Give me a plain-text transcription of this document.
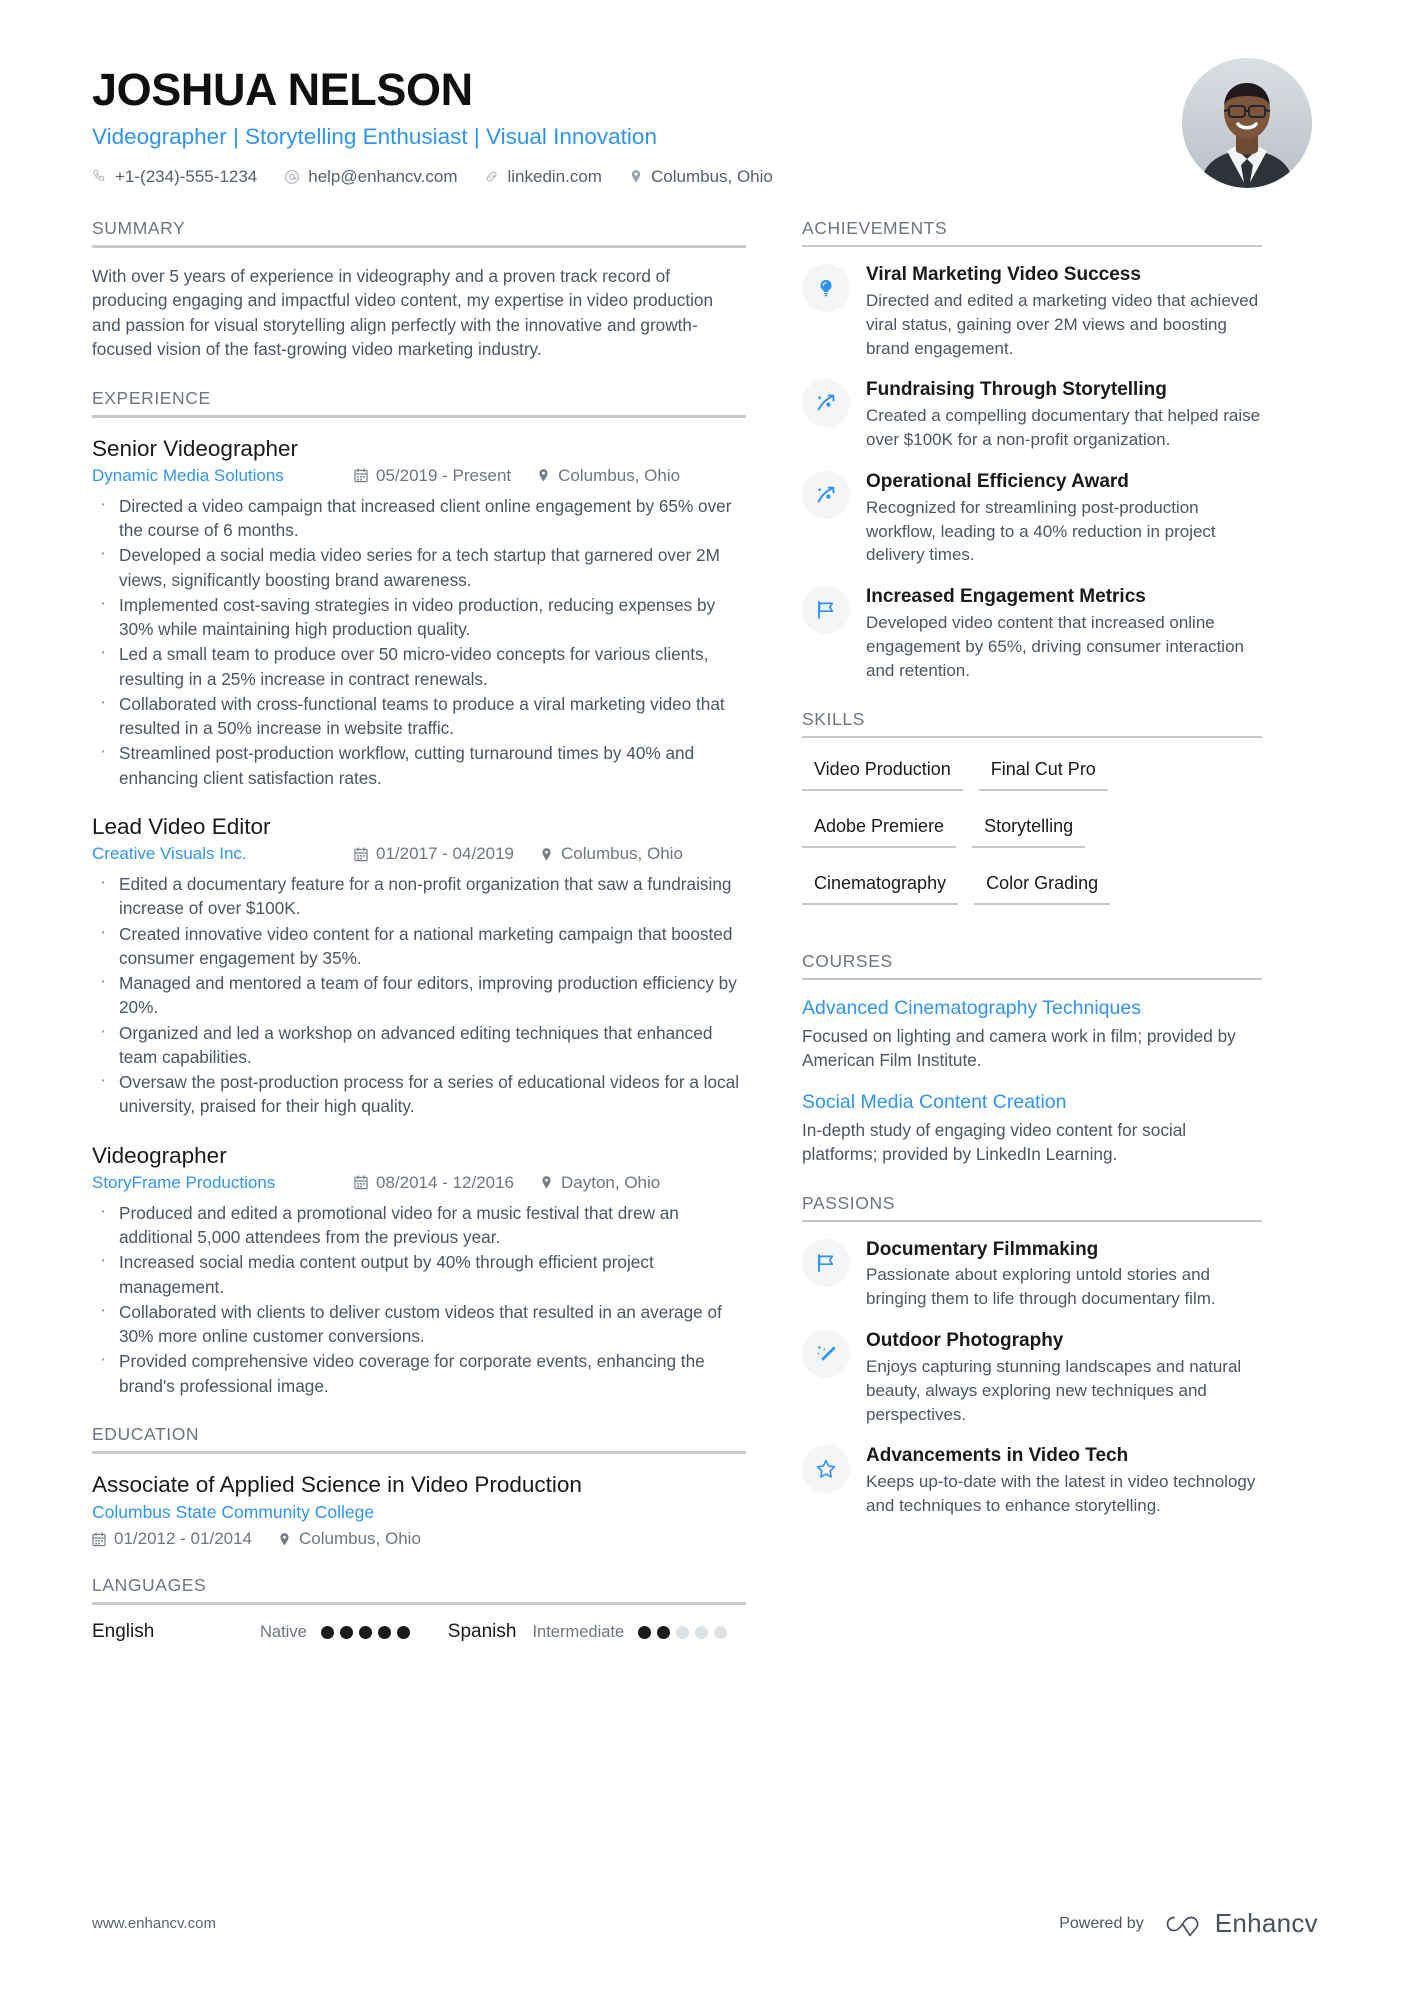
JOSHUA NELSON
Videographer | Storytelling Enthusiast | Visual Innovation
+1-(234)-555-1234	help@enhancv.com	linkedin.com	Columbus, Ohio
SUMMARY
With over 5 years of experience in videography and a proven track record of producing engaging and impactful video content, my expertise in video production and passion for visual storytelling align perfectly with the innovative and growth-focused vision of the fast-growing video marketing industry.
EXPERIENCE
Senior Videographer
Dynamic Media Solutions	05/2019 - Present	Columbus, Ohio
· Directed a video campaign that increased client online engagement by 65% over the course of 6 months.
· Developed a social media video series for a tech startup that garnered over 2M views, significantly boosting brand awareness.
· Implemented cost-saving strategies in video production, reducing expenses by 30% while maintaining high production quality.
· Led a small team to produce over 50 micro-video concepts for various clients, resulting in a 25% increase in contract renewals.
· Collaborated with cross-functional teams to produce a viral marketing video that resulted in a 50% increase in website traffic.
· Streamlined post-production workflow, cutting turnaround times by 40% and enhancing client satisfaction rates.
Lead Video Editor
Creative Visuals Inc.	01/2017 - 04/2019	Columbus, Ohio
· Edited a documentary feature for a non-profit organization that saw a fundraising increase of over $100K.
· Created innovative video content for a national marketing campaign that boosted consumer engagement by 35%.
· Managed and mentored a team of four editors, improving production efficiency by 20%.
· Organized and led a workshop on advanced editing techniques that enhanced team capabilities.
· Oversaw the post-production process for a series of educational videos for a local university, praised for their high quality.
Videographer
StoryFrame Productions	08/2014 - 12/2016	Dayton, Ohio
· Produced and edited a promotional video for a music festival that drew an additional 5,000 attendees from the previous year.
· Increased social media content output by 40% through efficient project management.
· Collaborated with clients to deliver custom videos that resulted in an average of 30% more online customer conversions.
· Provided comprehensive video coverage for corporate events, enhancing the brand's professional image.
EDUCATION
Associate of Applied Science in Video Production
Columbus State Community College
01/2012 - 01/2014	Columbus, Ohio
LANGUAGES
English	Native	Spanish Intermediate
ACHIEVEMENTS
Viral Marketing Video Success
Directed and edited a marketing video that achieved viral status, gaining over 2M views and boosting brand engagement.
Fundraising Through Storytelling
Created a compelling documentary that helped raise over $100K for a non-profit organization.
Operational Efficiency Award
Recognized for streamlining post-production workflow, leading to a 40% reduction in project delivery times.
Increased Engagement Metrics
Developed video content that increased online engagement by 65%, driving consumer interaction and retention.
SKILLS
Video Production	Final Cut Pro
Adobe Premiere	Storytelling
Cinematography	Color Grading
COURSES
Advanced Cinematography Techniques
Focused on lighting and camera work in film; provided by American Film Institute.
Social Media Content Creation
In-depth study of engaging video content for social platforms; provided by LinkedIn Learning.
PASSIONS
Documentary Filmmaking
Passionate about exploring untold stories and bringing them to life through documentary film.
Outdoor Photography
Enjoys capturing stunning landscapes and natural beauty, always exploring new techniques and perspectives.
Advancements in Video Tech
Keeps up-to-date with the latest in video technology and techniques to enhance storytelling.
www.enhancv.com	Powered by	Enhancv
